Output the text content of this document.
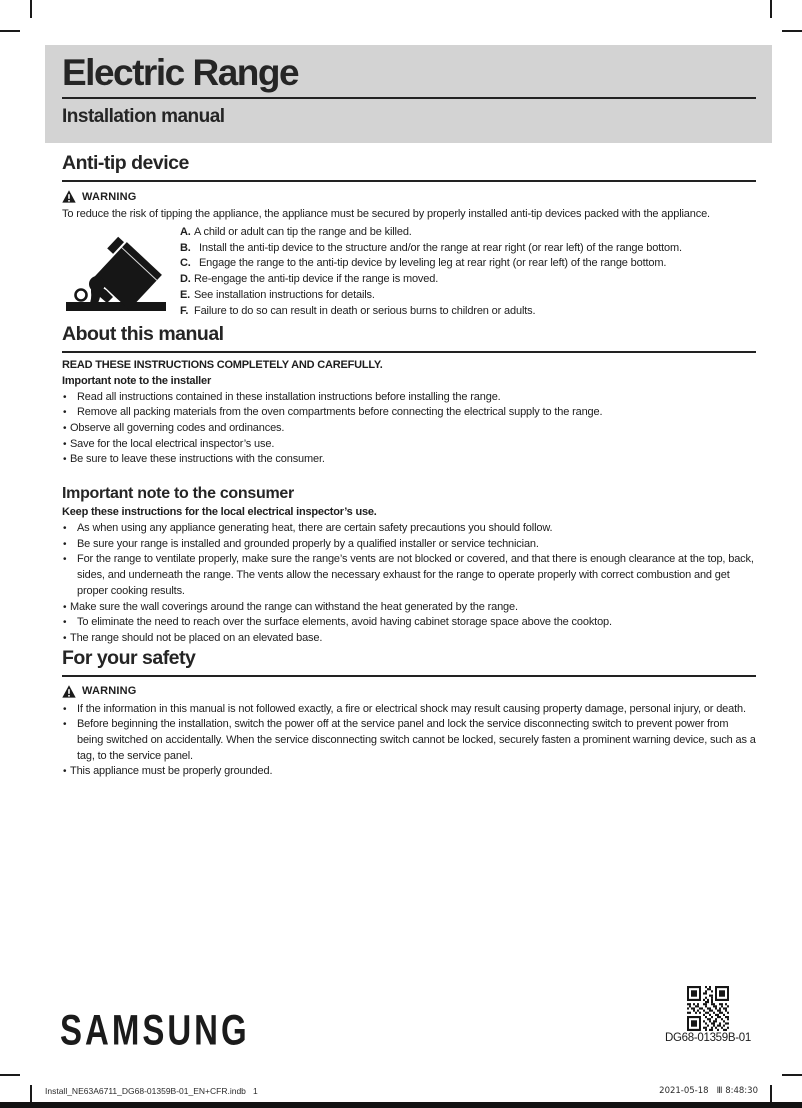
Electric Range
Installation manual
Anti-tip device
WARNING
To reduce the risk of tipping the appliance, the appliance must be secured by properly installed anti-tip devices packed with the appliance.
A. A child or adult can tip the range and be killed.
B. Install the anti-tip device to the structure and/or the range at rear right (or rear left) of the range bottom.
C. Engage the range to the anti-tip device by leveling leg at rear right (or rear left) of the range bottom.
D. Re-engage the anti-tip device if the range is moved.
E. See installation instructions for details.
F. Failure to do so can result in death or serious burns to children or adults.
About this manual
READ THESE INSTRUCTIONS COMPLETELY AND CAREFULLY.
Important note to the installer
•
Read all instructions contained in these installation instructions before installing the range.
•
Remove all packing materials from the oven compartments before connecting the electrical supply to the range.
•
Observe all governing codes and ordinances.
•
Save for the local electrical inspector’s use.
•
Be sure to leave these instructions with the consumer.
Important note to the consumer
Keep these instructions for the local electrical inspector’s use.
•
As when using any appliance generating heat, there are certain safety precautions you should follow.
•
Be sure your range is installed and grounded properly by a qualified installer or service technician.
•
For the range to ventilate properly, make sure the range’s vents are not blocked or covered, and that there is enough clearance at the top, back, sides, and underneath the range. The vents allow the necessary exhaust for the range to operate properly with correct combustion and get proper cooking results.
•
Make sure the wall coverings around the range can withstand the heat generated by the range.
•
To eliminate the need to reach over the surface elements, avoid having cabinet storage space above the cooktop.
•
The range should not be placed on an elevated base.
For your safety
WARNING
•
If the information in this manual is not followed exactly, a fire or electrical shock may result causing property damage, personal injury, or death.
•
Before beginning the installation, switch the power off at the service panel and lock the service disconnecting switch to prevent power from being switched on accidentally. When the service disconnecting switch cannot be locked, securely fasten a prominent warning device, such as a tag, to the service panel.
•
This appliance must be properly grounded.
SAMSUNG	DG68-01359B-01
Install_NE63A6711_DG68-01359B-01_EN+CFR.indb   1	2021-05-18   Ⅲ 8:48:30
